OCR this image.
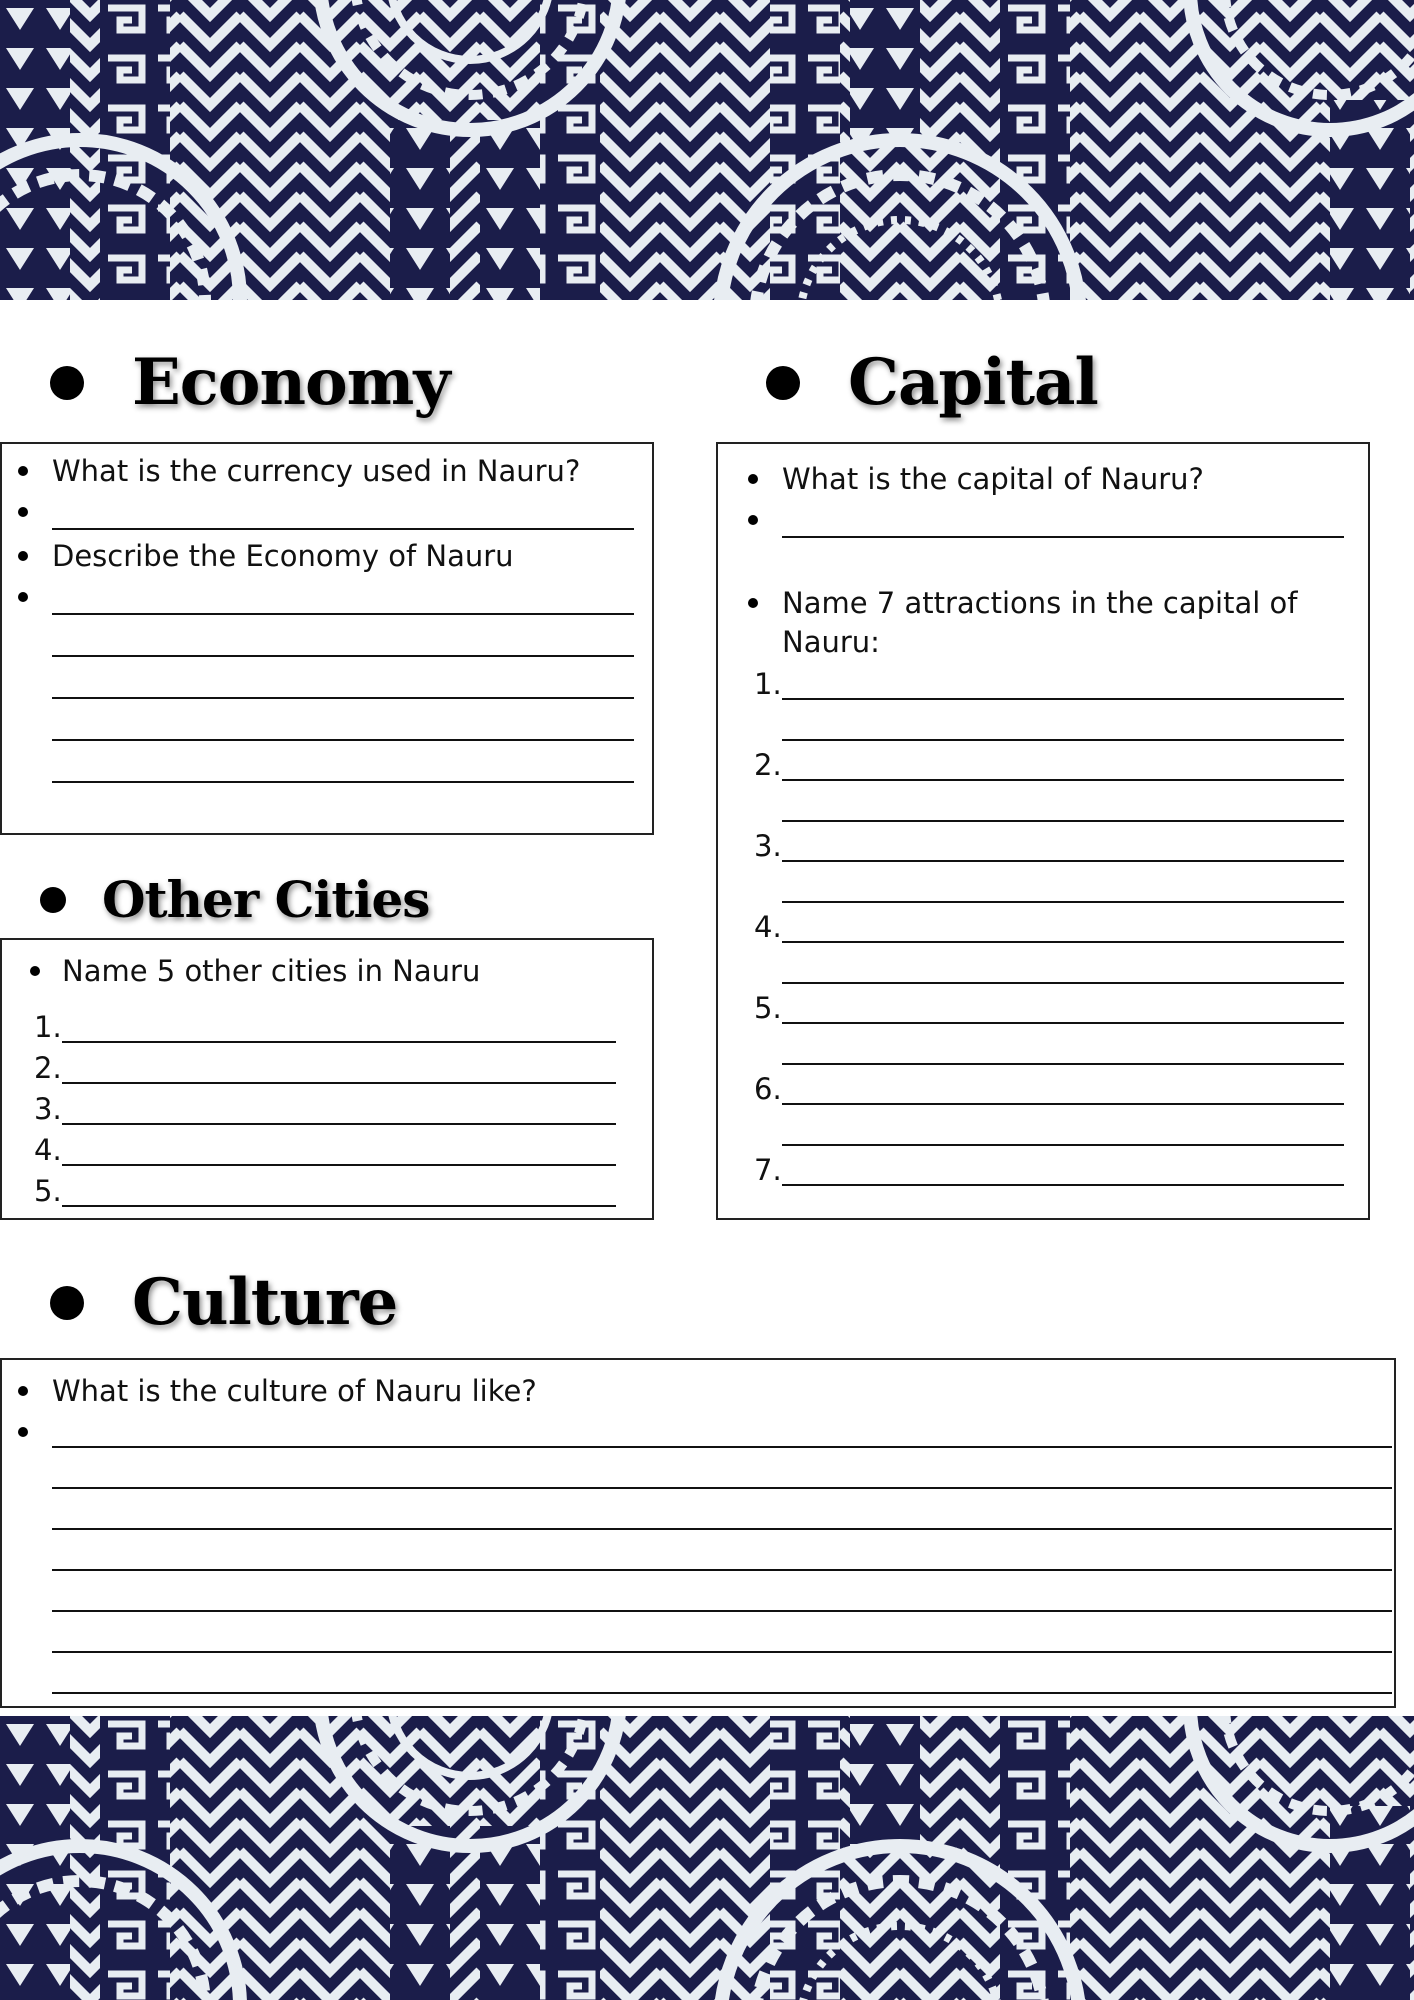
Economy	Capital
What is the currency used in Nauru?
Describe the Economy of Nauru
Other Cities
Name 5 other cities in Nauru
1.
2.
3.
4.
5.
What is the capital of Nauru?
Name 7 attractions in the capital of
Nauru:
1.
2.
3.
4.
5.
6.
7.
Culture
What is the culture of Nauru like?
